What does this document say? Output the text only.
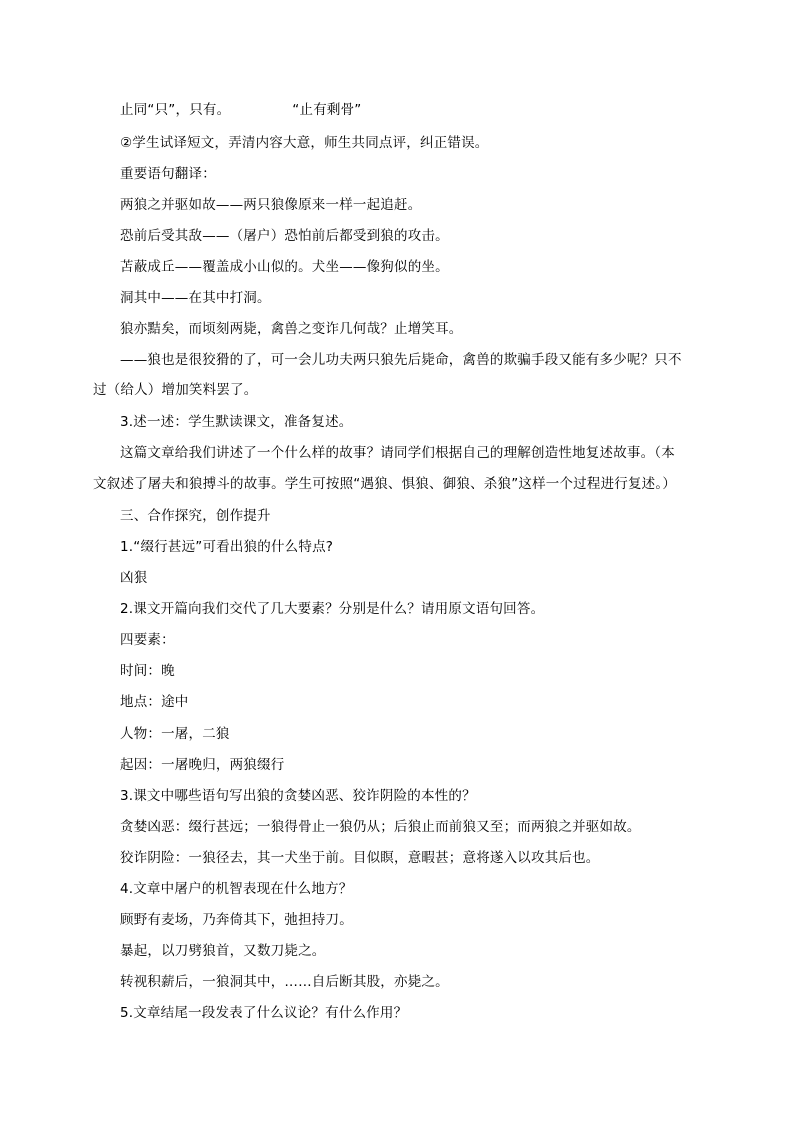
止同“只”，只有。	“止有剩骨”
②学生试译短文，弄清内容大意，师生共同点评，纠正错误。
重要语句翻译：
两狼之并驱如故——两只狼像原来一样一起追赶。
恐前后受其敌——（屠户）恐怕前后都受到狼的攻击。
苫蔽成丘——覆盖成小山似的。犬坐——像狗似的坐。
洞其中——在其中打洞。
狼亦黠矣，而顷刻两毙，禽兽之变诈几何哉？止增笑耳。
——狼也是很狡猾的了，可一会儿功夫两只狼先后毙命，禽兽的欺骗手段又能有多少呢？只不
过（给人）增加笑料罢了。
3.述一述：学生默读课文，准备复述。
这篇文章给我们讲述了一个什么样的故事？请同学们根据自己的理解创造性地复述故事。（本
文叙述了屠夫和狼搏斗的故事。学生可按照“遇狼、惧狼、御狼、杀狼”这样一个过程进行复述。）
三、合作探究，创作提升
1.“缀行甚远”可看出狼的什么特点?
凶狠
2.课文开篇向我们交代了几大要素？分别是什么？请用原文语句回答。
四要素：
时间：晚
地点：途中
人物：一屠，二狼
起因：一屠晚归，两狼缀行
3.课文中哪些语句写出狼的贪婪凶恶、狡诈阴险的本性的？
贪婪凶恶：缀行甚远；一狼得骨止一狼仍从；后狼止而前狼又至；而两狼之并驱如故。
狡诈阴险：一狼径去，其一犬坐于前。目似瞑，意暇甚；意将遂入以攻其后也。
4.文章中屠户的机智表现在什么地方？
顾野有麦场，乃奔倚其下，弛担持刀。
暴起，以刀劈狼首，又数刀毙之。
转视积薪后，一狼洞其中，……自后断其股，亦毙之。
5.文章结尾一段发表了什么议论？有什么作用？
